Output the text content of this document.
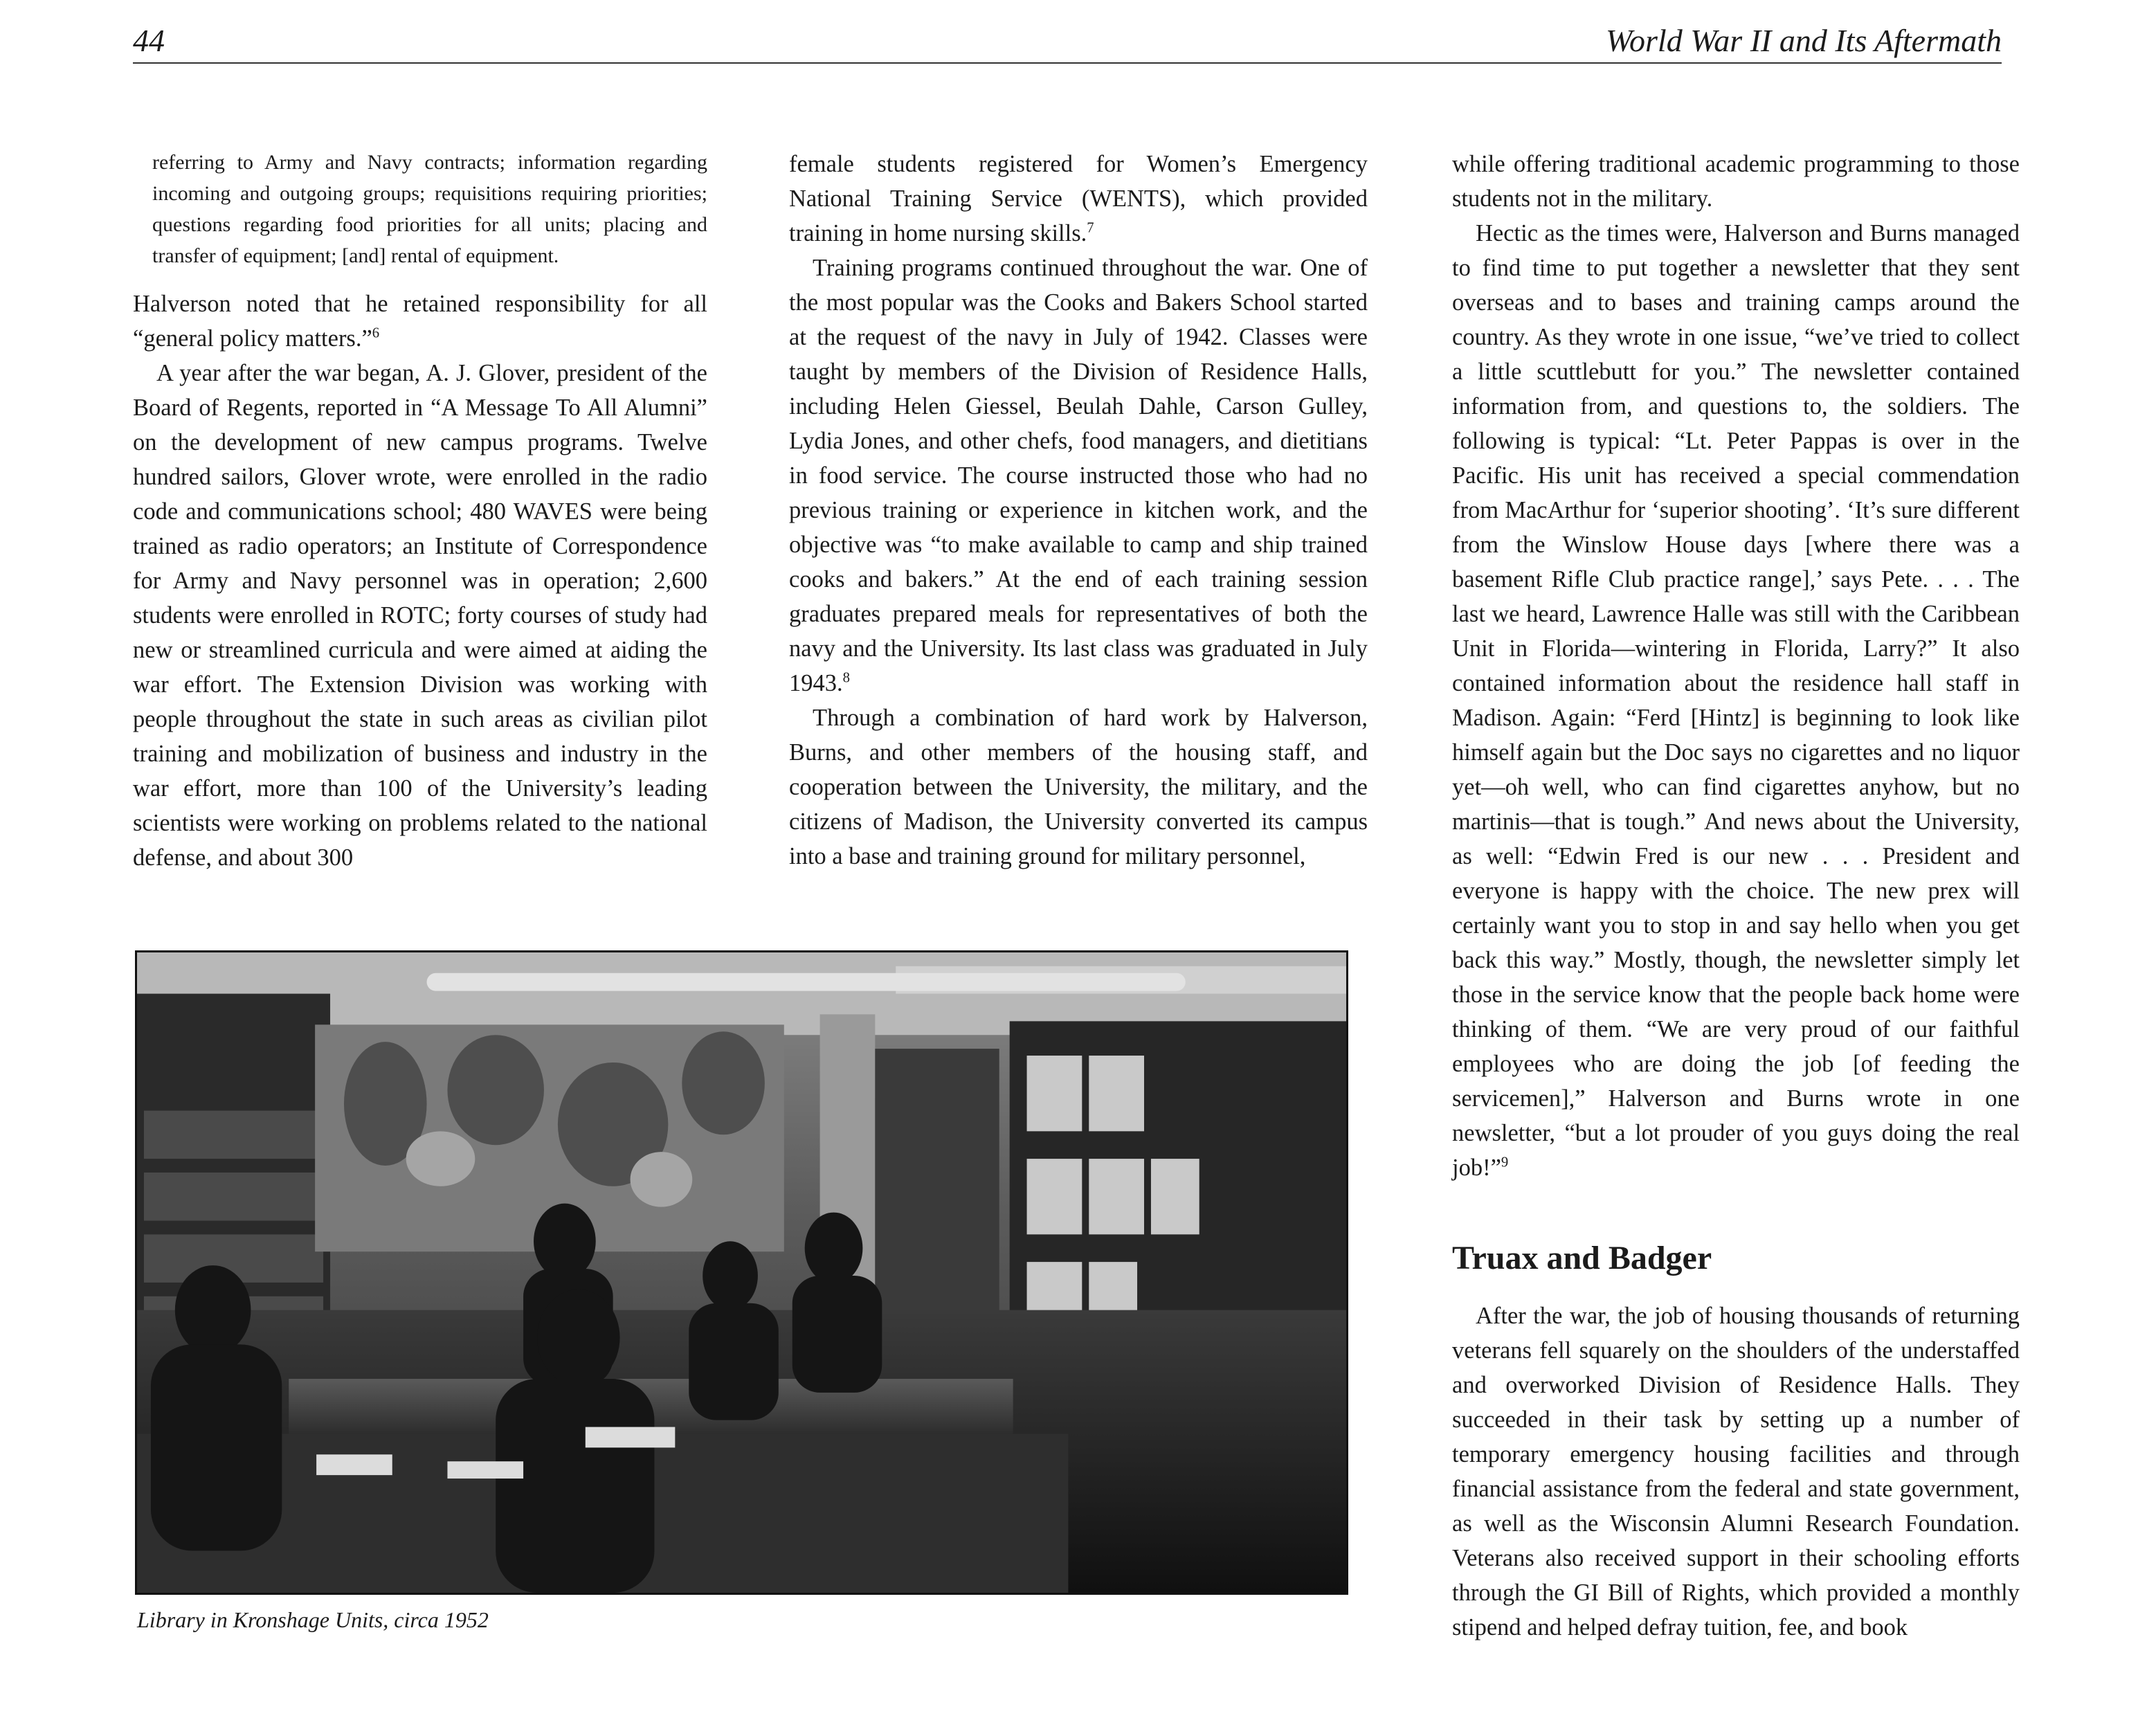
44	World War II and Its Aftermath

referring to Army and Navy contracts; information regarding incoming and outgoing groups; requisitions requiring priorities; questions regarding food priorities for all units; placing and transfer of equipment; [and] rental of equipment.

Halverson noted that he retained responsibility for all “general policy matters.”$^6$

A year after the war began, A. J. Glover, president of the Board of Regents, reported in “A Message To All Alumni” on the development of new campus programs. Twelve hundred sailors, Glover wrote, were enrolled in the radio code and communications school; 480 WAVES were being trained as radio operators; an Institute of Correspondence for Army and Navy personnel was in operation; 2,600 students were enrolled in ROTC; forty courses of study had new or streamlined curricula and were aimed at aiding the war effort. The Extension Division was working with people throughout the state in such areas as civilian pilot training and mobilization of business and industry in the war effort, more than 100 of the University’s leading scientists were working on problems related to the national defense, and about 300

female students registered for Women’s Emergency National Training Service (WENTS), which provided training in home nursing skills.$^7$

Training programs continued throughout the war. One of the most popular was the Cooks and Bakers School started at the request of the navy in July of 1942. Classes were taught by members of the Division of Residence Halls, including Helen Giessel, Beulah Dahle, Carson Gulley, Lydia Jones, and other chefs, food managers, and dietitians in food service. The course instructed those who had no previous training or experience in kitchen work, and the objective was “to make available to camp and ship trained cooks and bakers.” At the end of each training session graduates prepared meals for representatives of both the navy and the University. Its last class was graduated in July 1943.$^8$

Through a combination of hard work by Halverson, Burns, and other members of the housing staff, and cooperation between the University, the military, and the citizens of Madison, the University converted its campus into a base and training ground for military personnel,

while offering traditional academic programming to those students not in the military.

Hectic as the times were, Halverson and Burns managed to find time to put together a newsletter that they sent overseas and to bases and training camps around the country. As they wrote in one issue, “we’ve tried to collect a little scuttlebutt for you.” The newsletter contained information from, and questions to, the soldiers. The following is typical: “Lt. Peter Pappas is over in the Pacific. His unit has received a special commendation from MacArthur for ‘superior shooting’. ‘It’s sure different from the Winslow House days [where there was a basement Rifle Club practice range],’ says Pete. . . . The last we heard, Lawrence Halle was still with the Caribbean Unit in Florida—wintering in Florida, Larry?” It also contained information about the residence hall staff in Madison. Again: “Ferd [Hintz] is beginning to look like himself again but the Doc says no cigarettes and no liquor yet—oh well, who can find cigarettes anyhow, but no martinis—that is tough.” And news about the University, as well: “Edwin Fred is our new . . . President and everyone is happy with the choice. The new prex will certainly want you to stop in and say hello when you get back this way.” Mostly, though, the newsletter simply let those in the service know that the people back home were thinking of them. “We are very proud of our faithful employees who are doing the job [of feeding the servicemen],” Halverson and Burns wrote in one newsletter, “but a lot prouder of you guys doing the real job!”$^9$

Truax and Badger

After the war, the job of housing thousands of returning veterans fell squarely on the shoulders of the understaffed and overworked Division of Residence Halls. They succeeded in their task by setting up a number of temporary emergency housing facilities and through financial assistance from the federal and state government, as well as the Wisconsin Alumni Research Foundation. Veterans also received support in their schooling efforts through the GI Bill of Rights, which provided a monthly stipend and helped defray tuition, fee, and book

Library in Kronshage Units, circa 1952
